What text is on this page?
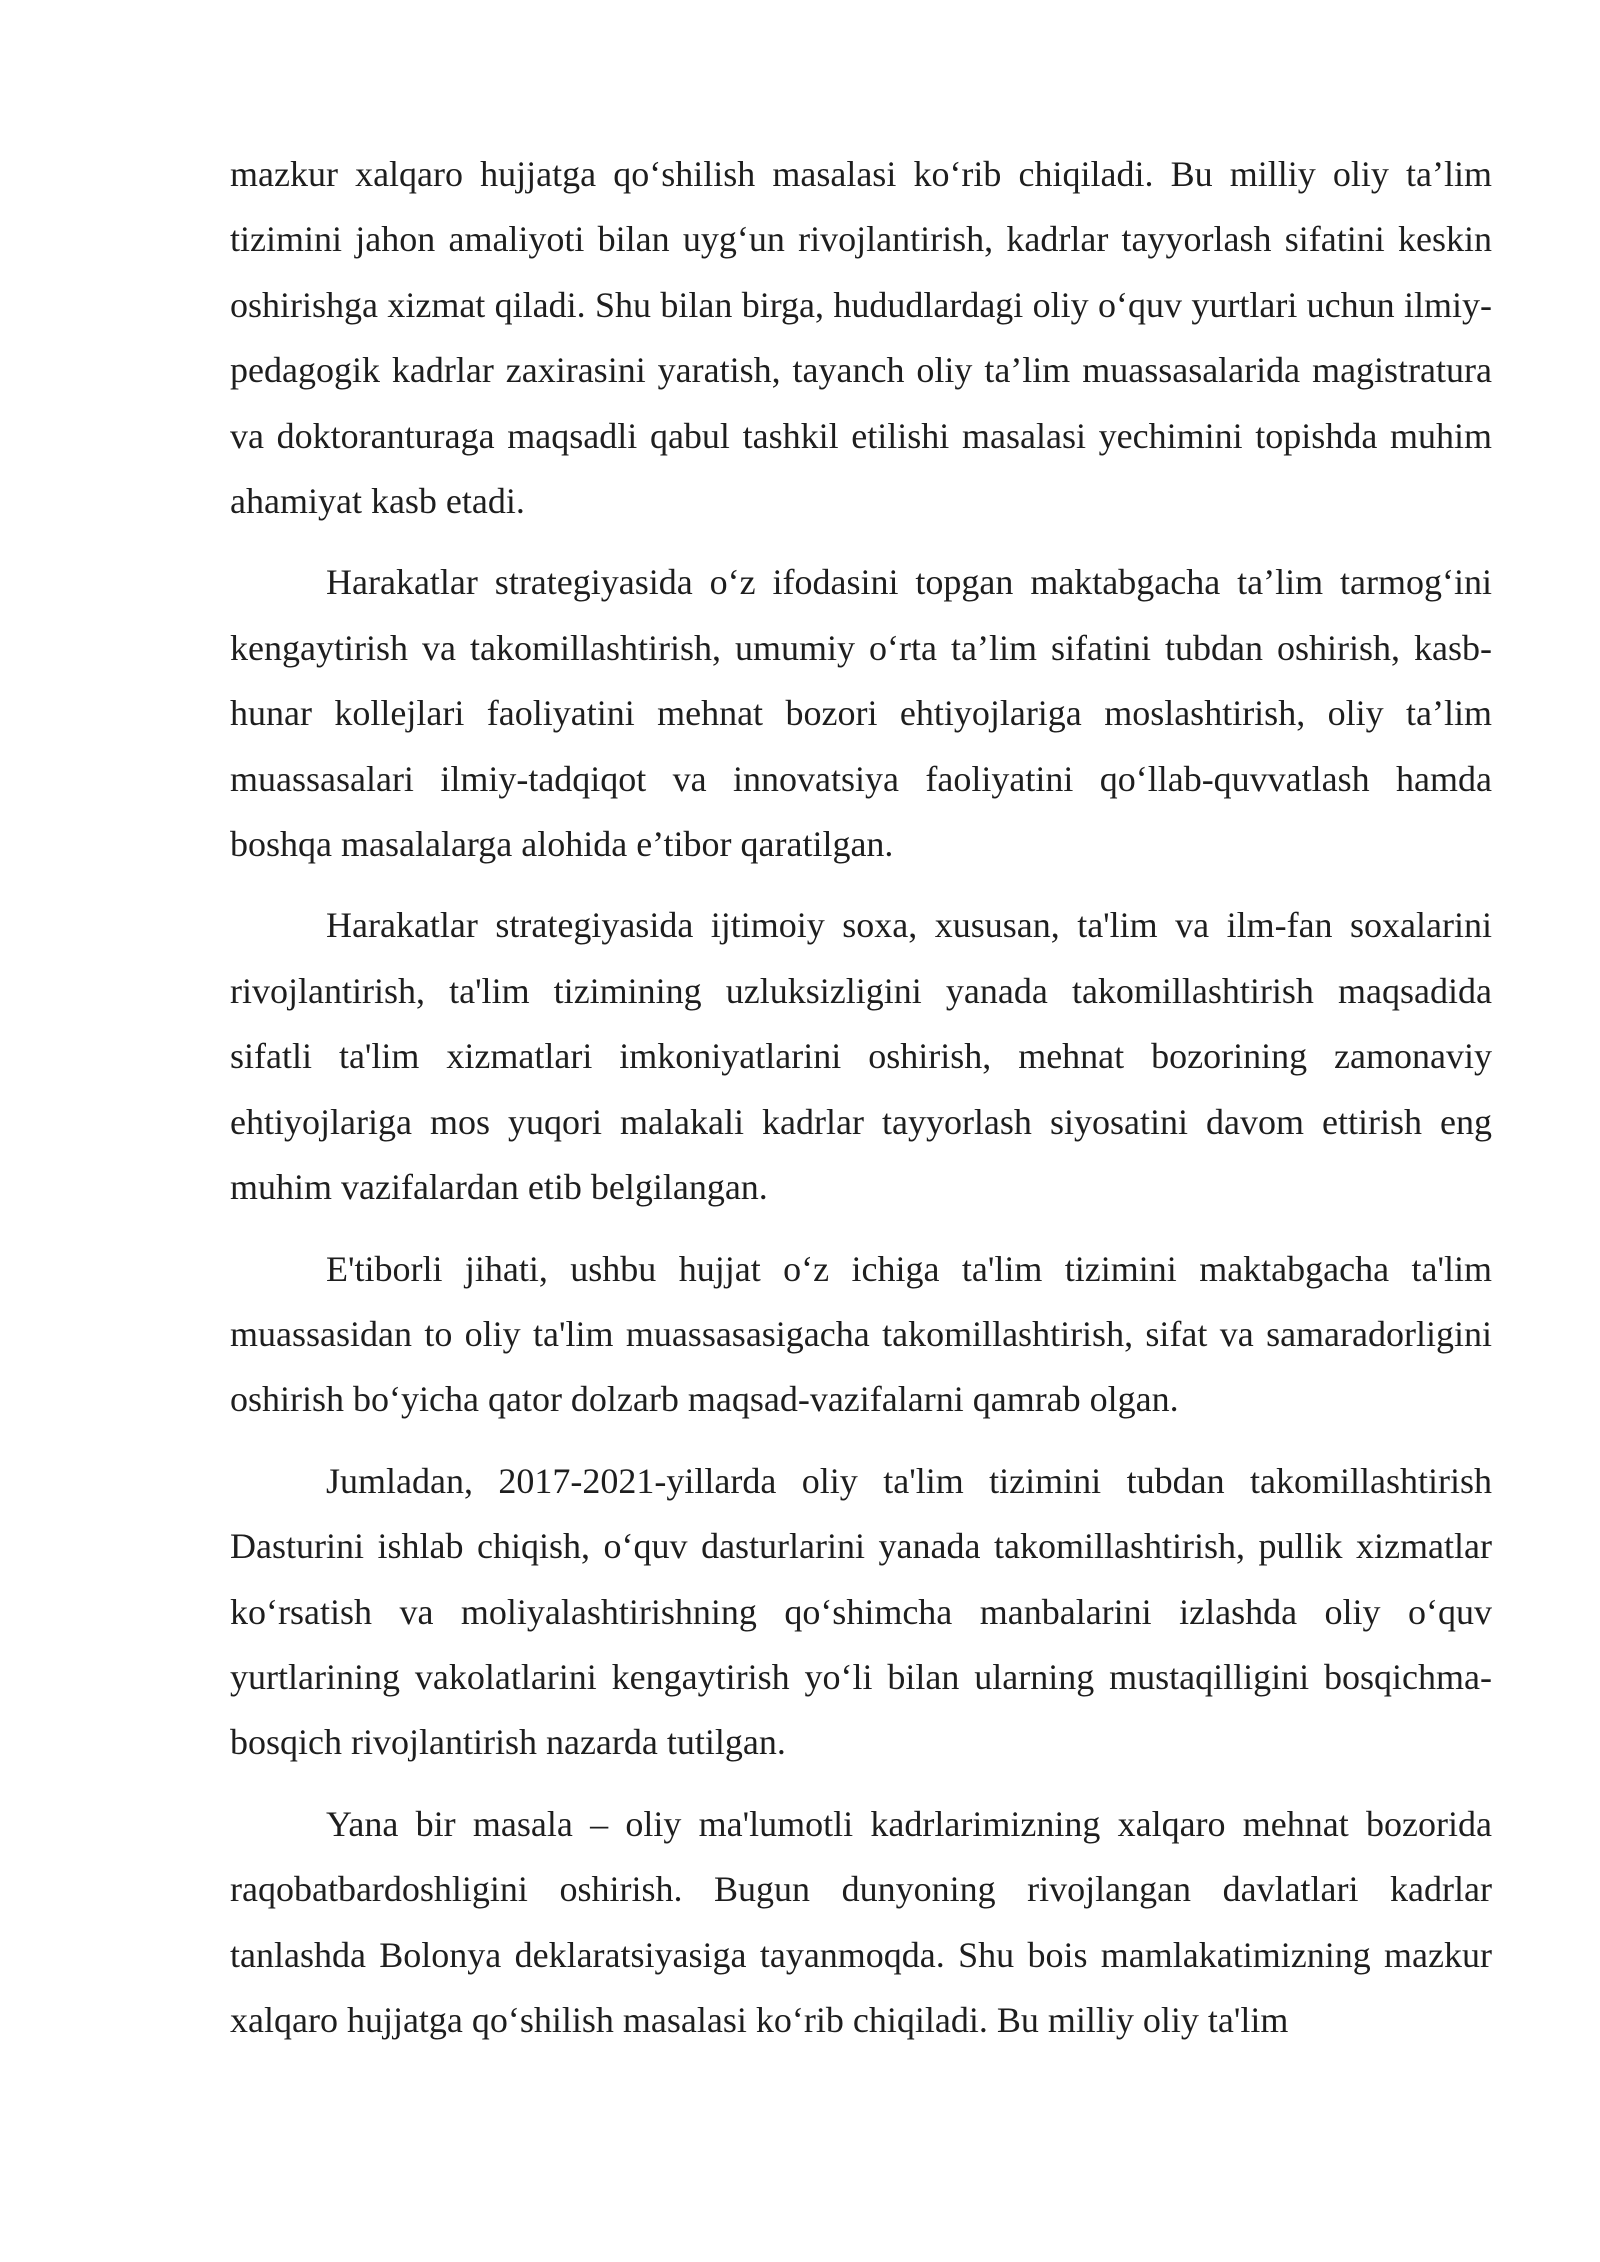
mazkur xalqaro hujjatga qo‘shilish masalasi ko‘rib chiqiladi. Bu milliy oliy ta’lim tizimini jahon amaliyoti bilan uyg‘un rivojlantirish, kadrlar tayyorlash sifatini keskin oshirishga xizmat qiladi. Shu bilan birga, hududlardagi oliy o‘quv yurtlari uchun ilmiy-pedagogik kadrlar zaxirasini yaratish, tayanch oliy ta’lim muassasalarida magistratura va doktoranturaga maqsadli qabul tashkil etilishi masalasi yechimini topishda muhim ahamiyat kasb etadi.

Harakatlar strategiyasida o‘z ifodasini topgan maktabgacha ta’lim tarmog‘ini kengaytirish va takomillashtirish, umumiy o‘rta ta’lim sifatini tubdan oshirish, kasb-hunar kollejlari faoliyatini mehnat bozori ehtiyojlariga moslashtirish, oliy ta’lim muassasalari ilmiy-tadqiqot va innovatsiya faoliyatini qo‘llab-quvvatlash hamda boshqa masalalarga alohida e’tibor qaratilgan.

Harakatlar strategiyasida ijtimoiy soxa, xususan, ta'lim va ilm-fan soxalarini rivojlantirish, ta'lim tizimining uzluksizligini yanada takomillashtirish maqsadida sifatli ta'lim xizmatlari imkoniyatlarini oshirish, mehnat bozorining zamonaviy ehtiyojlariga mos yuqori malakali kadrlar tayyorlash siyosatini davom ettirish eng muhim vazifalardan etib belgilangan.

E'tiborli jihati, ushbu hujjat o‘z ichiga ta'lim tizimini maktabgacha ta'lim muassasidan to oliy ta'lim muassasasigacha takomillashtirish, sifat va samaradorligini oshirish bo‘yicha qator dolzarb maqsad-vazifalarni qamrab olgan.

Jumladan, 2017-2021-yillarda oliy ta'lim tizimini tubdan takomillashtirish Dasturini ishlab chiqish, o‘quv dasturlarini yanada takomillashtirish, pullik xizmatlar ko‘rsatish va moliyalashtirishning qo‘shimcha manbalarini izlashda oliy o‘quv yurtlarining vakolatlarini kengaytirish yo‘li bilan ularning mustaqilligini bosqichma-bosqich rivojlantirish nazarda tutilgan.

Yana bir masala – oliy ma'lumotli kadrlarimizning xalqaro mehnat bozorida raqobatbardoshligini oshirish. Bugun dunyoning rivojlangan davlatlari kadrlar tanlashda Bolonya deklaratsiyasiga tayanmoqda. Shu bois mamlakatimizning mazkur xalqaro hujjatga qo‘shilish masalasi ko‘rib chiqiladi. Bu milliy oliy ta'lim
